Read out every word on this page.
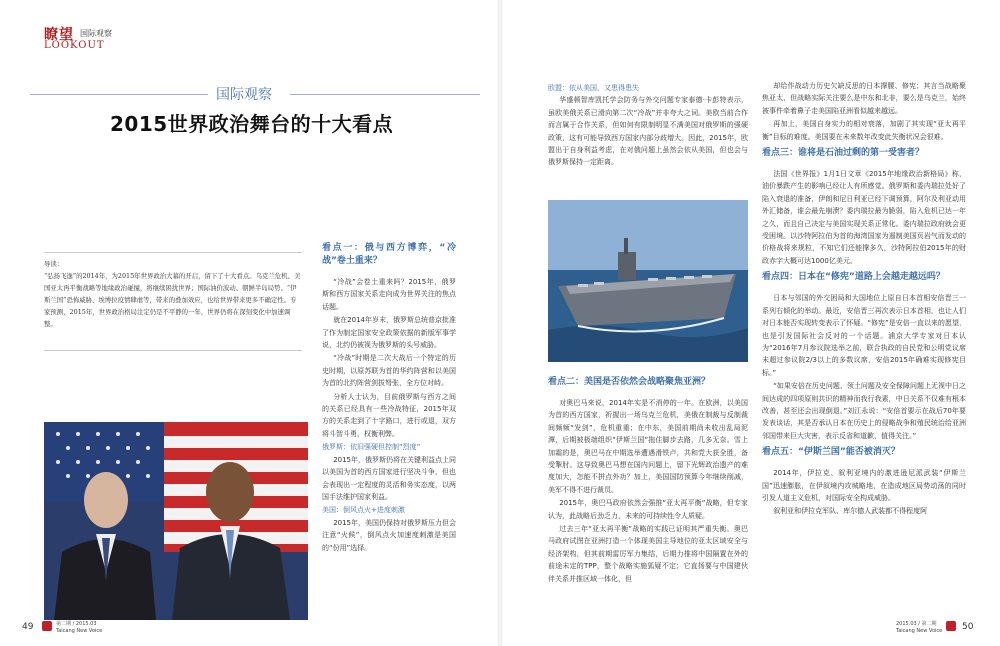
瞭望 国际观察
LOOKOUT
国际观察
2015世界政治舞台的十大看点
导读：
“弘扬飞逸”的2014年，为2015年世界政治大幕的开启，留下了十大看点。乌克兰危机、美国亚太再平衡战略等地缘政治碰撞，将继续困扰世界；国际油价波动、朝鲜半岛局势、“伊斯兰国”恐怖威胁、埃博拉疫情肆虐等，带来的叠加效应，也给世界带来更多不确定性。专家预测，2015年，世界政治格局注定仍是不平静的一年，世界仍将在深刻变化中加速调整。
看点一：俄与西方博弈，“冷战”卷土重来？

“冷战”会卷土重来吗？2015年，俄罗斯和西方国家关系走向成为世界关注的焦点话题。

就在2014年岁末，俄罗斯总统普京批准了作为制定国家安全政策依据的新版军事学说，北约仍被视为俄罗斯的头号威胁。

“冷战”时期是二次大战后一个特定的历史时期，以原苏联为首的华约阵营和以美国为首的北约阵营剑拔弩张，全方位对峙。

分析人士认为，目前俄罗斯与西方之间的关系已经具有一些冷战特征，2015年双方的关系走到了十字路口，进行或退，双方将斗智斗勇，权衡利弊。

俄罗斯：依旧强硬但控制“烈度”

2015年，俄罗斯仍将在关键利益点上同以美国为首的西方国家进行坚决斗争，但也会表现出一定程度的灵活和务实态度，以两国手法维护国家利益。

美国：倒风点火+进度刺激

2015年，美国仍保持对俄罗斯压力但会注意“火候”，倒风点火加速度刺激是美国的“份用”选择。

49	第二期 / 2015.03
Taicang New Voice
欧盟：依从美国，又患得患失

华盛顿智库凯托学会防务与外交问题专家泰德·卡彭特表示，虽欧美俄关系已滑向第二次“冷战”并非夸大之词。美欧当前合作而言属于合作关系，但如何有限制明显不满美国对俄罗斯的强硬政策，这有可能导致西方国家内部分歧增大。因此，2015年，欧盟出于自身利益考虑，在对俄问题上虽然会依从美国，但也会与俄罗斯保持一定距离。

看点二：美国是否依然会战略聚焦亚洲？

对奥巴马来说，2014年实是不消停的一年。在欧洲，以美国为首的西方国家，祈握出一场乌克兰危机，美俄在制裁与反制裁间频频“发剑”，危机重重；在中东，美国前期尚未收出乱局泥潭，后期被极端组织“伊斯兰国”拖住脚步去路，几多无奈。雪上加霜的是，奥巴马在中期选举遭遇滑铁卢，共和党大获全胜，备受掣肘。这导致奥巴马想在国内问题上，留下光辉政治遗产的难度加大，怎能不拼点外功？加上，美国国防预算今年继续削减，美军不得不进行裁员。

2015年，奥巴马政府依然会强推“亚太再平衡”战略，但专家认为，此战略后劲乏力，未来的可持续性令人质疑。

过去三年“亚太再平衡”战略的实践已证明其严重失衡。奥巴马政府试图在亚洲打造一个体现美国主导地位的亚太区域安全与经济架构，但其前期雷厉军力集结，后期力推将中国隔置在外的前途未定的TPP，整个战略实施狐疑不定；它直扬要与中国建伙伴关系并推区域一体化，但

却给作战动力历史欠缺反思的日本撑腰、修宪；其言当战略聚焦亚太，但战略实际关注要么是中东和北非，要么是乌克兰，始终被事件牵着鼻子走美国陷亚洲看似越来越远。

再加上，美国自身实力的相对衰落，加剧了其实现“亚太再平衡”目标的难度。美国要在未来数年改变此失衡状况会很难。

看点三：谁将是石油过剩的第一受害者？

法国《世界报》1月1日文章《2015年地缘政治新格局》称，油价暴跌产生的影响已经让人有所感觉。俄罗斯和委内瑞拉处好了陷入衰退的准备，伊朗和尼日利亚已经下调预算，阿尔及利亚动用外汇储备，谁会最先崩溃？委内瑞拉最为脆弱，陷入危机已达一年之久，而且自己决定与美国实现关系正常化。委内瑞拉政府就会更受困境。以沙特阿拉伯为首的海湾国家为遏制美国页岩气而发动的价格战将来规粒，不知它们还能撑多久，沙特阿拉伯2015年的财政赤字大概可达1000亿美元。

看点四：日本在“修宪”道路上会越走越远吗？

日本与邻国的外交困局和大国地位上原自日本首相安倍晋三一系列右倾化的举动。最近，安倍晋三再次表示日本首相，也让人们对日本能否实现转变表示了怀疑。“修宪”是安倍一直以来的愿望，也是引发国际社会反对的一个话题。浦京大学专家对日本认为“2016年7月参议院选举之前，联合执政的自民党和公明党议席未超过参议院2/3以上的多数议席，安倍2015年确难实现修宪目标。”

“如果安倍在历史问题、领土问题及安全保障问题上无视中日之间达成的四项原则共识的精神而我行我素，中日关系不仅难有根本改善，甚至还会出现倒退。”刘江永说：“安倍首要示在战后70年要发表谈话，其是否承认日本在历史上的侵略战争和殖民统治给亚洲邻国带来巨大灾害，表示反省和道歉，值得关注。”

看点五：“伊斯兰国”能否被消灭？

2014年，伊拉克、叙利亚境内的激进逊尼派武装“伊斯兰国”迅速膨胀，在伊叙境内攻城略地，在造成地区局势动荡的同时引发人道主义危机，对国际安全构成威胁。

叙利亚和伊拉克军队、库尔德人武装都不得程度阿

2015.03 / 第二期
Taicang New Voice 50
